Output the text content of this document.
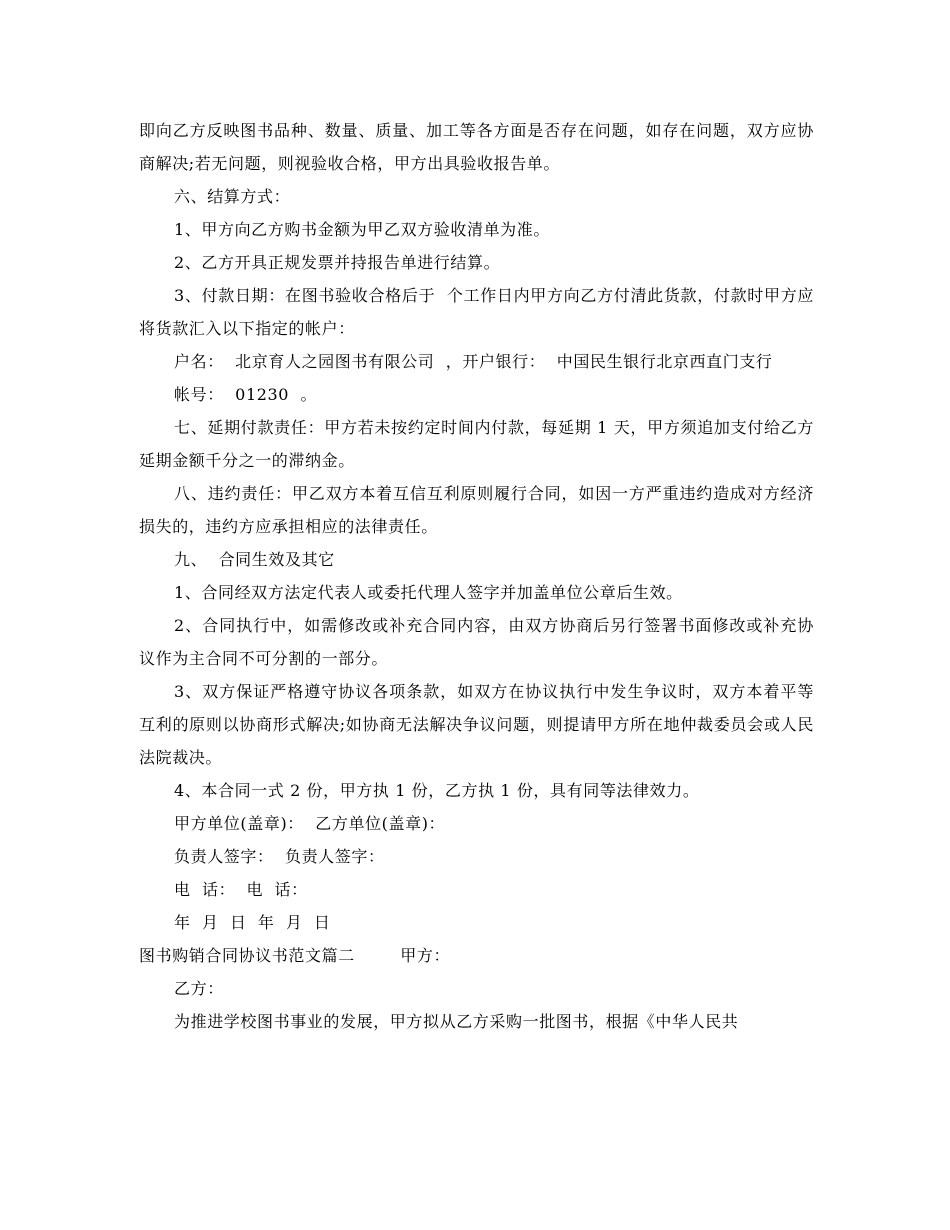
即向乙方反映图书品种、数量、质量、加工等各方面是否存在问题，如存在问题，双方应协商解决;若无问题，则视验收合格，甲方出具验收报告单。

六、结算方式：

1、甲方向乙方购书金额为甲乙双方验收清单为准。

2、乙方开具正规发票并持报告单进行结算。

3、付款日期：在图书验收合格后于  个工作日内甲方向乙方付清此货款，付款时甲方应将货款汇入以下指定的帐户：

户名：  北京育人之园图书有限公司  ，开户银行：  中国民生银行北京西直门支行

帐号：  01230  。

七、延期付款责任：甲方若未按约定时间内付款，每延期 1 天，甲方须追加支付给乙方延期金额千分之一的滞纳金。

八、违约责任：甲乙双方本着互信互利原则履行合同，如因一方严重违约造成对方经济损失的，违约方应承担相应的法律责任。

九、  合同生效及其它

1、合同经双方法定代表人或委托代理人签字并加盖单位公章后生效。

2、合同执行中，如需修改或补充合同内容，由双方协商后另行签署书面修改或补充协议作为主合同不可分割的一部分。

3、双方保证严格遵守协议各项条款，如双方在协议执行中发生争议时，双方本着平等互利的原则以协商形式解决;如协商无法解决争议问题，则提请甲方所在地仲裁委员会或人民法院裁决。

4、本合同一式 2 份，甲方执 1 份，乙方执 1 份，具有同等法律效力。

甲方单位(盖章)：  乙方单位(盖章)：

负责人签字：  负责人签字：

电  话：  电  话：

年  月  日  年  月  日

图书购销合同协议书范文篇二        甲方：

乙方：

为推进学校图书事业的发展，甲方拟从乙方采购一批图书，根据《中华人民共
